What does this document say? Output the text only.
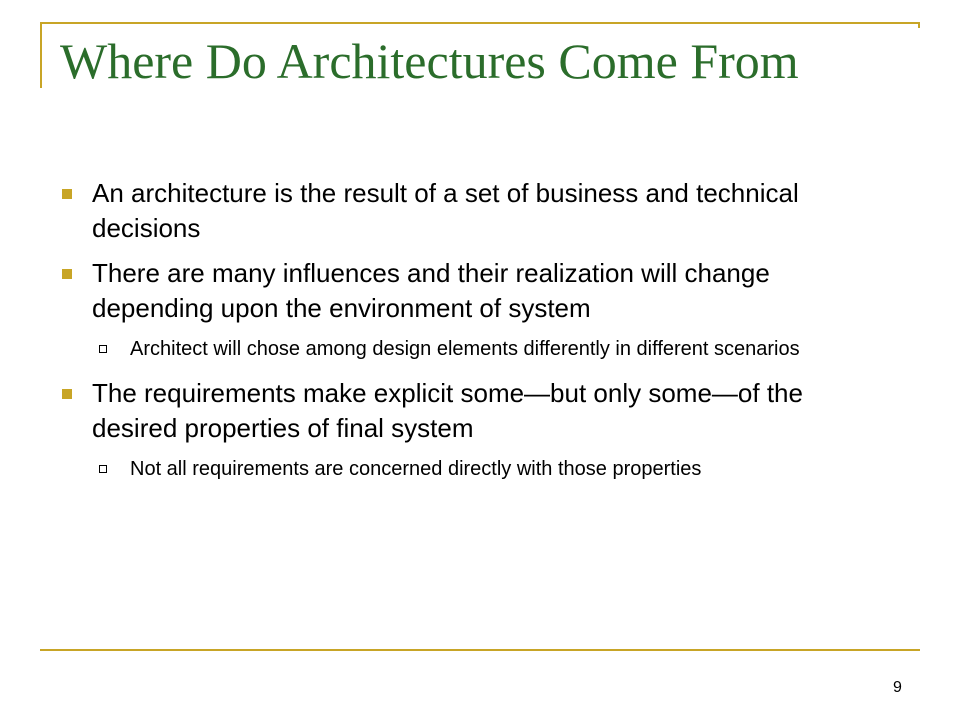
Where Do Architectures Come From
An architecture is the result of a set of business and technical decisions
There are many influences and their realization will change depending upon the environment of system
Architect will chose among design elements differently in different scenarios
The requirements make explicit some—but only some—of the desired properties of final system
Not all requirements are concerned directly with those properties
9
